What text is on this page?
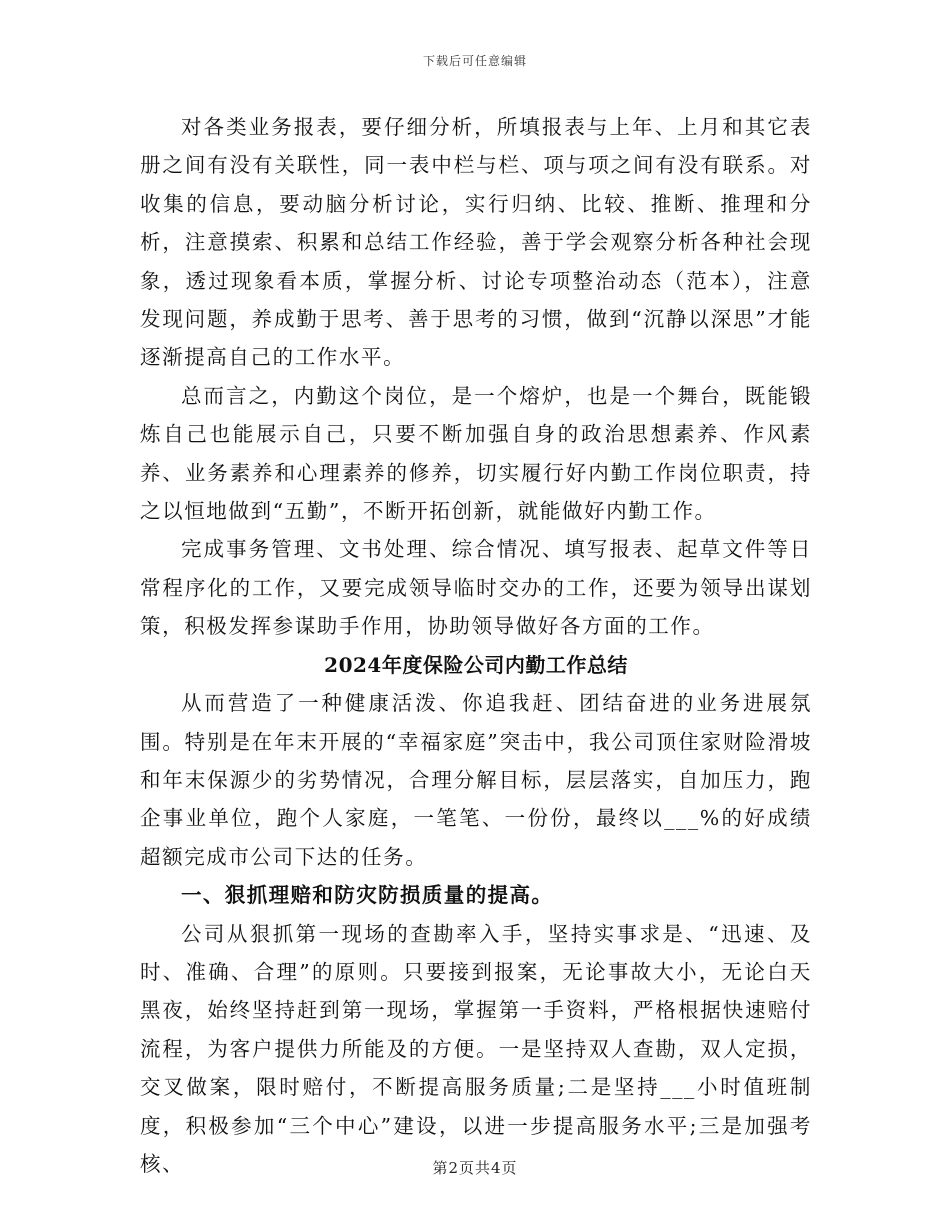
下载后可任意编辑

对各类业务报表，要仔细分析，所填报表与上年、上月和其它表册之间有没有关联性，同一表中栏与栏、项与项之间有没有联系。对收集的信息，要动脑分析讨论，实行归纳、比较、推断、推理和分析，注意摸索、积累和总结工作经验，善于学会观察分析各种社会现象，透过现象看本质，掌握分析、讨论专项整治动态（范本），注意发现问题，养成勤于思考、善于思考的习惯，做到“沉静以深思”才能逐渐提高自己的工作水平。

总而言之，内勤这个岗位，是一个熔炉，也是一个舞台，既能锻炼自己也能展示自己，只要不断加强自身的政治思想素养、作风素养、业务素养和心理素养的修养，切实履行好内勤工作岗位职责，持之以恒地做到“五勤”，不断开拓创新，就能做好内勤工作。

完成事务管理、文书处理、综合情况、填写报表、起草文件等日常程序化的工作，又要完成领导临时交办的工作，还要为领导出谋划策，积极发挥参谋助手作用，协助领导做好各方面的工作。

2024年度保险公司内勤工作总结

从而营造了一种健康活泼、你追我赶、团结奋进的业务进展氛围。特别是在年末开展的“幸福家庭”突击中，我公司顶住家财险滑坡和年末保源少的劣势情况，合理分解目标，层层落实，自加压力，跑企事业单位，跑个人家庭，一笔笔、一份份，最终以___%的好成绩超额完成市公司下达的任务。

一、狠抓理赔和防灾防损质量的提高。

公司从狠抓第一现场的查勘率入手，坚持实事求是、“迅速、及时、准确、合理”的原则。只要接到报案，无论事故大小，无论白天黑夜，始终坚持赶到第一现场，掌握第一手资料，严格根据快速赔付流程，为客户提供力所能及的方便。一是坚持双人查勘，双人定损，交叉做案，限时赔付，不断提高服务质量;二是坚持___小时值班制度，积极参加“三个中心”建设，以进一步提高服务水平;三是加强考核、	第2页共4页
